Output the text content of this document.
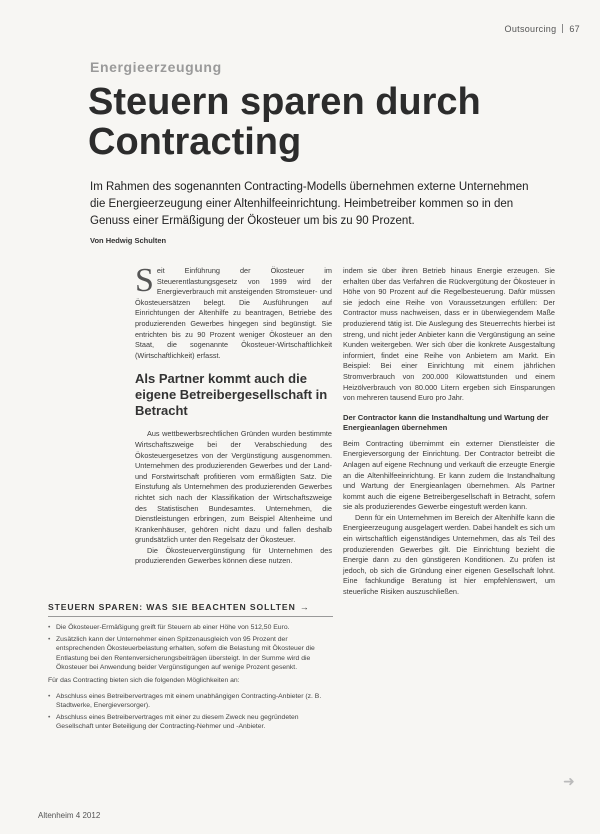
Outsourcing 67
Energieerzeugung
Steuern sparen durch Contracting

Im Rahmen des sogenannten Contracting-Modells übernehmen externe Unternehmen die Energieerzeugung einer Altenhilfeeinrichtung. Heimbetreiber kommen so in den Genuss einer Ermäßigung der Ökosteuer um bis zu 90 Prozent.

Von Hedwig Schulten

Seit Einführung der Ökosteuer im Steuerentlastungsgesetz von 1999 wird der Energieverbrauch mit ansteigenden Stromsteuer- und Ökosteuersätzen belegt. Die Ausführungen auf Einrichtungen der Altenhilfe zu beantragen, Betriebe des produzierenden Gewerbes hingegen sind begünstigt. Sie entrichten bis zu 90 Prozent weniger Ökosteuer an den Staat, die sogenannte Ökosteuer-Wirtschaftlichkeit (Wirtschaftlichkeit) erfasst.

Als Partner kommt auch die eigene Betreibergesellschaft in Betracht

Aus wettbewerbsrechtlichen Gründen wurden bestimmte Wirtschaftszweige bei der Verabschiedung des Ökosteuergesetzes von der Vergünstigung ausgenommen. Unternehmen des produzierenden Gewerbes und der Land- und Forstwirtschaft profitieren vom ermäßigten Satz. Die Einstufung als Unternehmen des produzierenden Gewerbes richtet sich nach der Klassifikation der Wirtschaftszweige des Statistischen Bundesamtes. Unternehmen, die Dienstleistungen erbringen, zum Beispiel Altenheime und Krankenhäuser, gehören nicht dazu und fallen deshalb grundsätzlich unter den Regelsatz der Ökosteuer.

Die Ökosteuervergünstigung für Unternehmen des produzierenden Gewerbes können diese nutzen.

indem sie über ihren Betrieb hinaus Energie erzeugen. Sie erhalten über das Verfahren die Rückvergütung der Ökosteuer in Höhe von 90 Prozent auf die Regelbesteuerung. Dafür müssen sie jedoch eine Reihe von Voraussetzungen erfüllen: Der Contractor muss nachweisen, dass er in überwiegendem Maße produzierend tätig ist. Die Auslegung des Steuerrechts hierbei ist streng, und nicht jeder Anbieter kann die Vergünstigung an seine Kunden weitergeben. Wer sich über die konkrete Ausgestaltung informiert, findet eine Reihe von Anbietern am Markt. Ein Beispiel: Bei einer Einrichtung mit einem jährlichen Stromverbrauch von 200.000 Kilowattstunden und einem Heizölverbrauch von 80.000 Litern ergeben sich Einsparungen von mehreren tausend Euro pro Jahr.

Der Contractor kann die Instandhaltung und Wartung der Energieanlagen übernehmen

Beim Contracting übernimmt ein externer Dienstleister die Energieversorgung der Einrichtung. Der Contractor betreibt die Anlagen auf eigene Rechnung und verkauft die erzeugte Energie an die Altenhilfeeinrichtung. Er kann zudem die Instandhaltung und Wartung der Energieanlagen übernehmen. Als Partner kommt auch die eigene Betreibergesellschaft in Betracht, sofern sie als produzierendes Gewerbe eingestuft werden kann.

Denn für ein Unternehmen im Bereich der Altenhilfe kann die Energieerzeugung ausgelagert werden. Dabei handelt es sich um ein wirtschaftlich eigenständiges Unternehmen, das als Teil des produzierenden Gewerbes gilt. Die Einrichtung bezieht die Energie dann zu den günstigeren Konditionen. Zu prüfen ist jedoch, ob sich die Gründung einer eigenen Gesellschaft lohnt. Eine fachkundige Beratung ist hier empfehlenswert, um steuerliche Risiken auszuschließen.

STEUERN SPAREN: WAS SIE BEACHTEN SOLLTEN →
• Die Ökosteuer-Ermäßigung greift für Steuern ab einer Höhe von 512,50 Euro.
• Zusätzlich kann der Unternehmer einen Spitzenausgleich von 95 Prozent der entsprechenden Ökosteuerbelastung erhalten, sofern die Belastung mit Ökosteuer die Entlastung bei den Rentenversicherungsbeiträgen übersteigt. In der Summe wird die Ökosteuer bei Anwendung beider Vergünstigungen auf wenige Prozent gesenkt.

Für das Contracting bieten sich die folgenden Möglichkeiten an:

• Abschluss eines Betreibervertrages mit einem unabhängigen Contracting-Anbieter (z. B. Stadtwerke, Energieversorger).
• Abschluss eines Betreibervertrages mit einer zu diesem Zweck neu gegründeten Gesellschaft unter Beteiligung der Contracting-Nehmer und -Anbieter.
➜
Altenheim 4 2012
